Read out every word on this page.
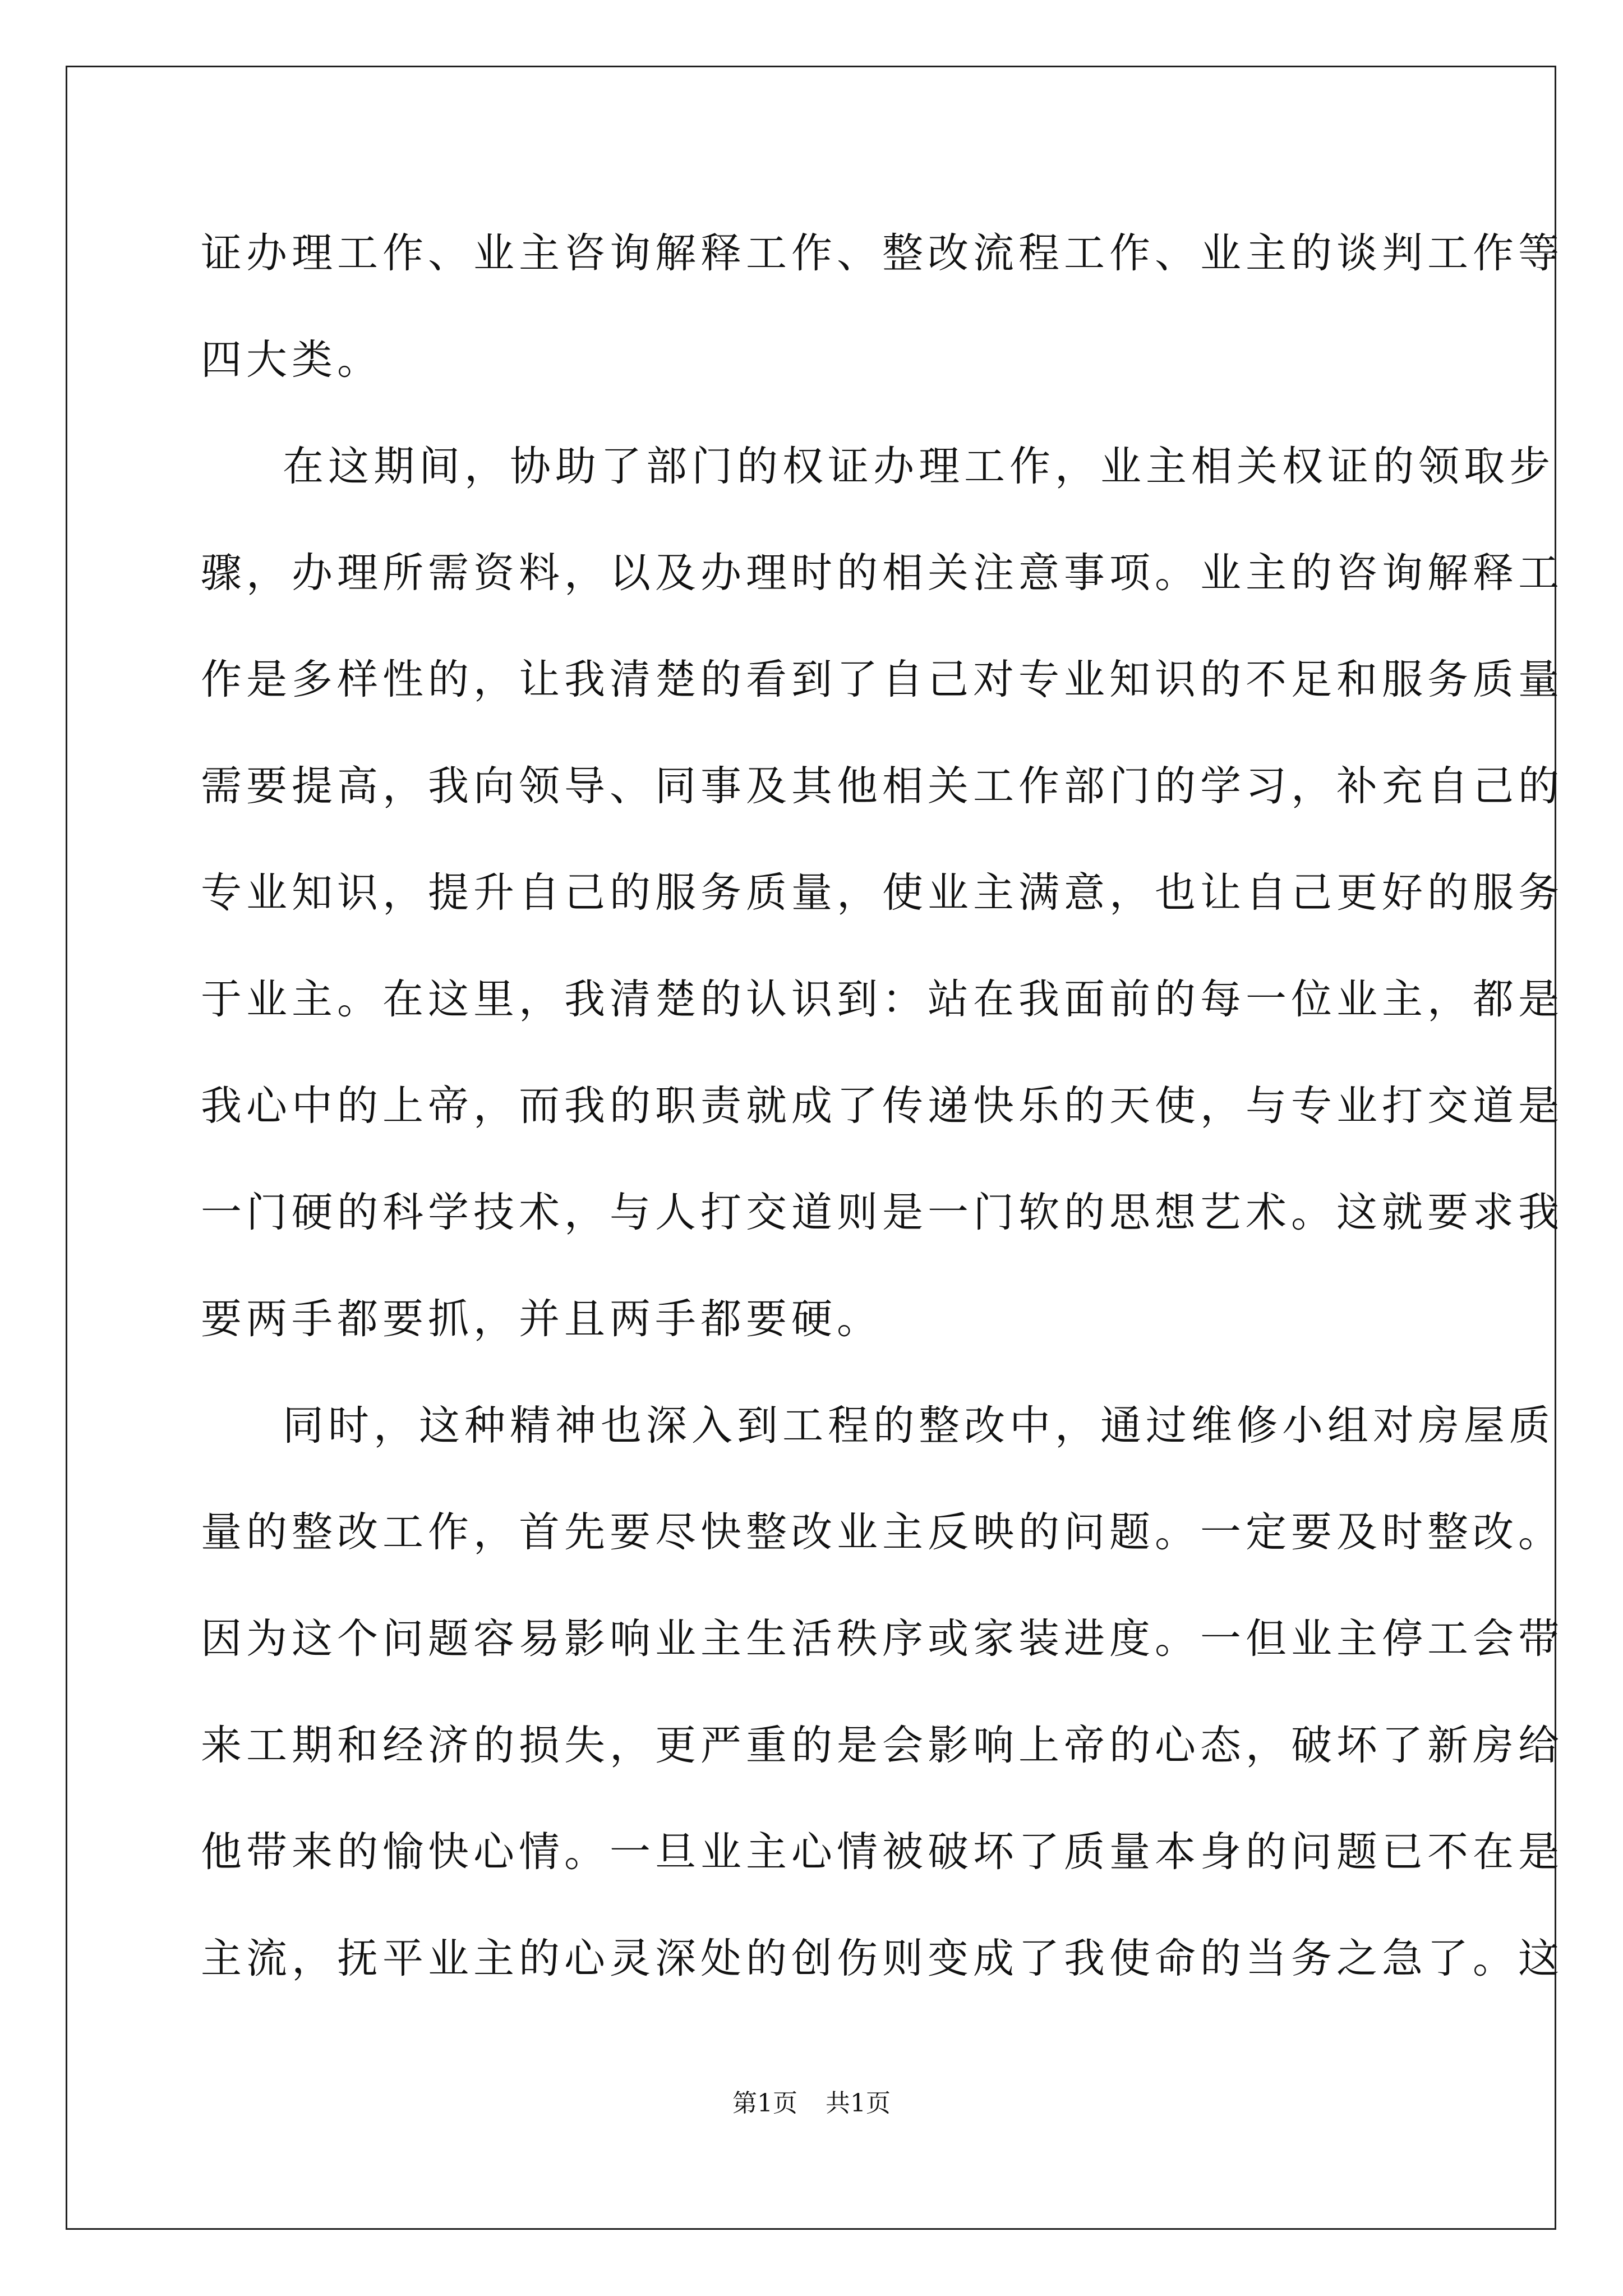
证办理工作、业主咨询解释工作、整改流程工作、业主的谈判工作等
四大类。
在这期间，协助了部门的权证办理工作，业主相关权证的领取步
骤，办理所需资料，以及办理时的相关注意事项。业主的咨询解释工
作是多样性的，让我清楚的看到了自己对专业知识的不足和服务质量
需要提高，我向领导、同事及其他相关工作部门的学习，补充自己的
专业知识，提升自己的服务质量，使业主满意，也让自己更好的服务
于业主。在这里，我清楚的认识到：站在我面前的每一位业主，都是
我心中的上帝，而我的职责就成了传递快乐的天使，与专业打交道是
一门硬的科学技术，与人打交道则是一门软的思想艺术。这就要求我
要两手都要抓，并且两手都要硬。
同时，这种精神也深入到工程的整改中，通过维修小组对房屋质
量的整改工作，首先要尽快整改业主反映的问题。一定要及时整改。
因为这个问题容易影响业主生活秩序或家装进度。一但业主停工会带
来工期和经济的损失，更严重的是会影响上帝的心态，破坏了新房给
他带来的愉快心情。一旦业主心情被破坏了质量本身的问题已不在是
主流，抚平业主的心灵深处的创伤则变成了我使命的当务之急了。这
第1页 共1页
